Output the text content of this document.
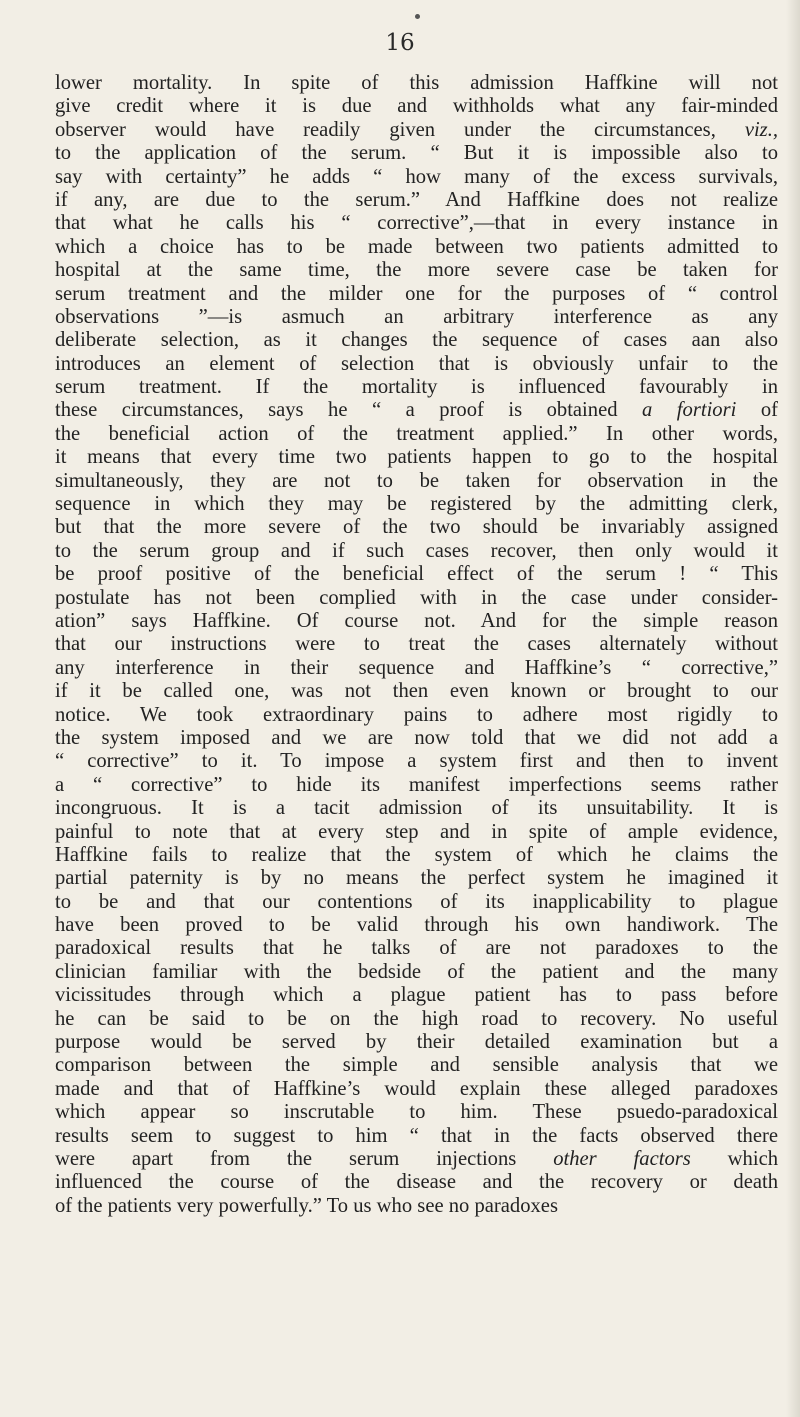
16
lower mortality. In spite of this admission Haffkine will not
give credit where it is due and withholds what any fair-minded
observer would have readily given under the circumstances, viz.,
to the application of the serum. “ But it is impossible also to
say with certainty” he adds “ how many of the excess survivals,
if any, are due to the serum.” And Haffkine does not realize
that what he calls his “ corrective”,—that in every instance in
which a choice has to be made between two patients admitted to
hospital at the same time, the more severe case be taken for
serum treatment and the milder one for the purposes of “ control
observations ”—is asmuch an arbitrary interference as any
deliberate selection, as it changes the sequence of cases aan also
introduces an element of selection that is obviously unfair to the
serum treatment. If the mortality is influenced favourably in
these circumstances, says he “ a proof is obtained a fortiori of
the beneficial action of the treatment applied.” In other words,
it means that every time two patients happen to go to the hospital
simultaneously, they are not to be taken for observation in the
sequence in which they may be registered by the admitting clerk,
but that the more severe of the two should be invariably assigned
to the serum group and if such cases recover, then only would it
be proof positive of the beneficial effect of the serum ! “ This
postulate has not been complied with in the case under consider-
ation” says Haffkine. Of course not. And for the simple reason
that our instructions were to treat the cases alternately without
any interference in their sequence and Haffkine’s “ corrective,”
if it be called one, was not then even known or brought to our
notice. We took extraordinary pains to adhere most rigidly to
the system imposed and we are now told that we did not add a
“ corrective” to it. To impose a system first and then to invent
a “ corrective” to hide its manifest imperfections seems rather
incongruous. It is a tacit admission of its unsuitability. It is
painful to note that at every step and in spite of ample evidence,
Haffkine fails to realize that the system of which he claims the
partial paternity is by no means the perfect system he imagined it
to be and that our contentions of its inapplicability to plague
have been proved to be valid through his own handiwork. The
paradoxical results that he talks of are not paradoxes to the
clinician familiar with the bedside of the patient and the many
vicissitudes through which a plague patient has to pass before
he can be said to be on the high road to recovery. No useful
purpose would be served by their detailed examination but a
comparison between the simple and sensible analysis that we
made and that of Haffkine’s would explain these alleged paradoxes
which appear so inscrutable to him. These psuedo-paradoxical
results seem to suggest to him “ that in the facts observed there
were apart from the serum injections other factors which
influenced the course of the disease and the recovery or death
of the patients very powerfully.” To us who see no paradoxes
